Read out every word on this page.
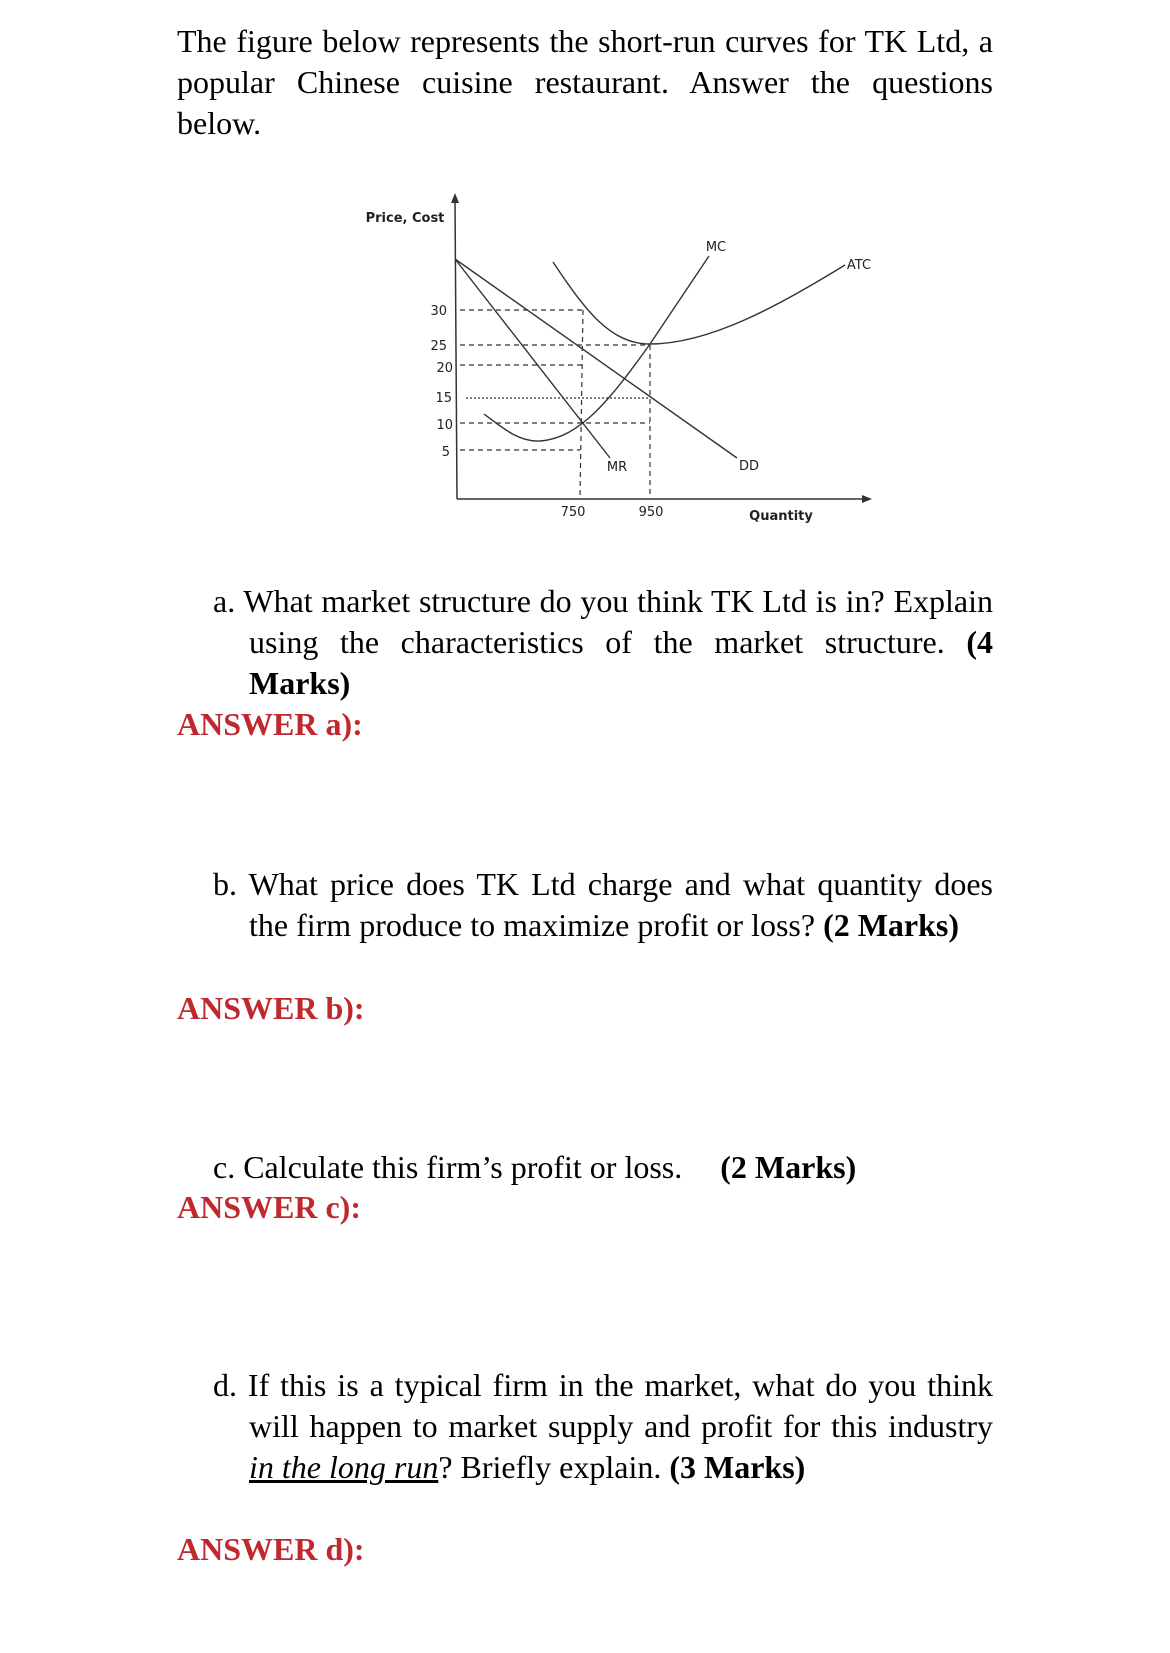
The figure below represents the short-run curves for TK Ltd, a popular Chinese cuisine restaurant. Answer the questions below.
Price, Cost
30
25
20
15
10
5
750	950	Quantity
MC
ATC
MR	DD
a. What market structure do you think TK Ltd is in? Explain using the characteristics of the market structure. (4 Marks)
ANSWER a):
b. What price does TK Ltd charge and what quantity does the firm produce to maximize profit or loss? (2 Marks)
ANSWER b):
c. Calculate this firm’s profit or loss. (2 Marks)
ANSWER c):
d. If this is a typical firm in the market, what do you think will happen to market supply and profit for this industry in the long run? Briefly explain. (3 Marks)
ANSWER d):
